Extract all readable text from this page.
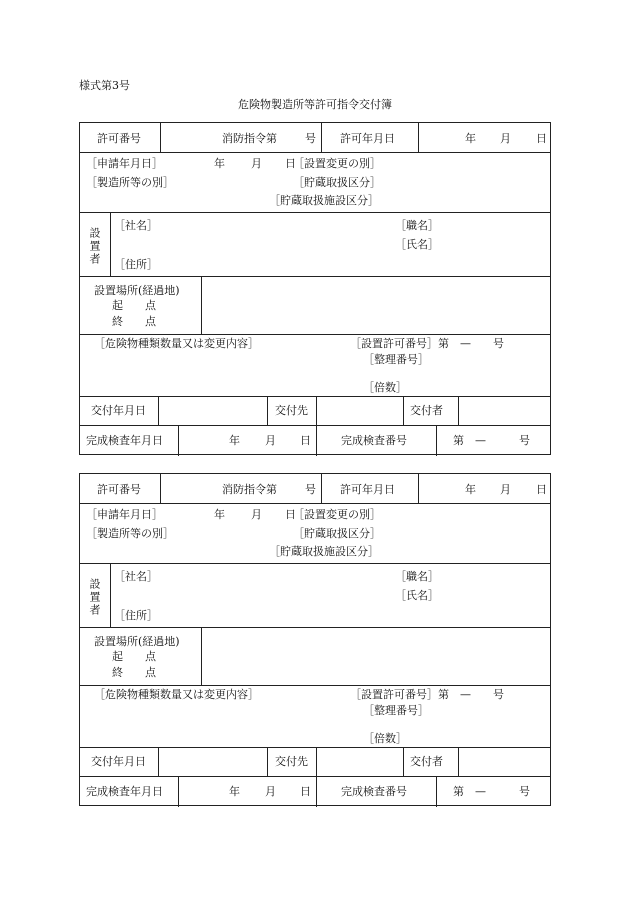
様式第3号
危険物製造所等許可指令交付簿
許可番号	消防指令第	号 許可年月日	年 月 日
［申請年月日］	年 月 日
［設置変更の別］
［製造所等の別］	［貯蔵取扱区分］
［貯蔵取扱施設区分］
設置者
［社名］	［職名］
［氏名］
［住所］
設置場所(経過地)
起　　点
終　　点
［危険物種類数量又は変更内容］	［設置許可番号］第　—　　号
［整理番号］
［倍数］
交付年月日	交付先	交付者
完成検査年月日	年 月 日	完成検査番号	第　—　　　号
許可番号	消防指令第	号 許可年月日	年 月 日
［申請年月日］	年 月 日
［設置変更の別］
［製造所等の別］	［貯蔵取扱区分］
［貯蔵取扱施設区分］
設置者
［社名］	［職名］
［氏名］
［住所］
設置場所(経過地)
起　　点
終　　点
［危険物種類数量又は変更内容］	［設置許可番号］第　—　　号
［整理番号］
［倍数］
交付年月日	交付先	交付者
完成検査年月日	年 月 日	完成検査番号	第　—　　　号
